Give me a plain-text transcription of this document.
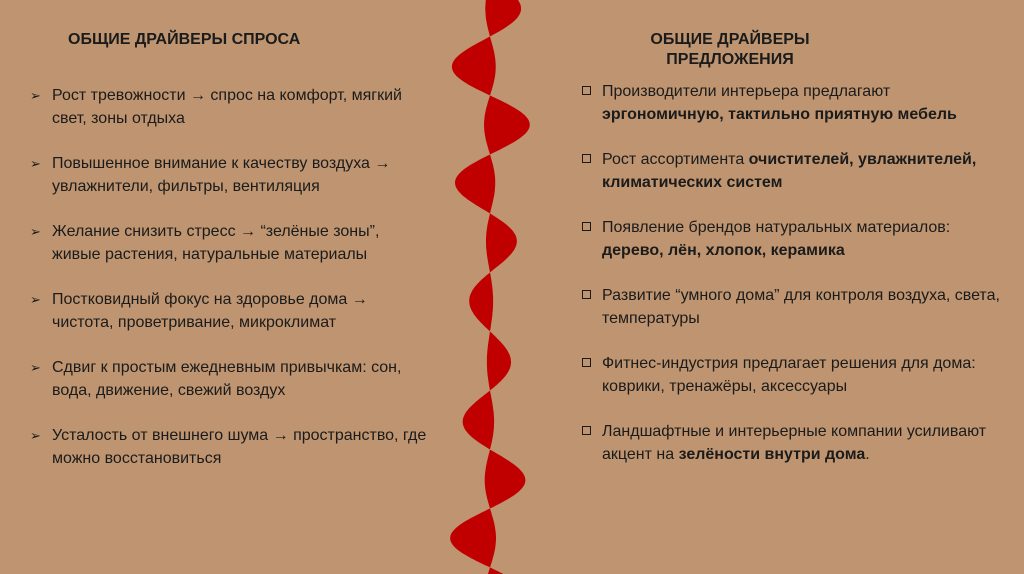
ОБЩИЕ ДРАЙВЕРЫ СПРОСА
➢ Рост тревожности → спрос на комфорт, мягкий свет, зоны отдыха
➢ Повышенное внимание к качеству воздуха → увлажнители, фильтры, вентиляция
➢ Желание снизить стресс → “зелёные зоны”, живые растения, натуральные материалы
➢ Постковидный фокус на здоровье дома → чистота, проветривание, микроклимат
➢ Сдвиг к простым ежедневным привычкам: сон, вода, движение, свежий воздух
➢ Усталость от внешнего шума → пространство, где можно восстановиться
ОБЩИЕ ДРАЙВЕРЫ
ПРЕДЛОЖЕНИЯ
Производители интерьера предлагают эргономичную, тактильно приятную мебель
Рост ассортимента очистителей, увлажнителей, климатических систем
Появление брендов натуральных материалов: дерево, лён, хлопок, керамика
Развитие “умного дома” для контроля воздуха, света, температуры
Фитнес-индустрия предлагает решения для дома: коврики, тренажёры, аксессуары
Ландшафтные и интерьерные компании усиливают акцент на зелёности внутри дома.
